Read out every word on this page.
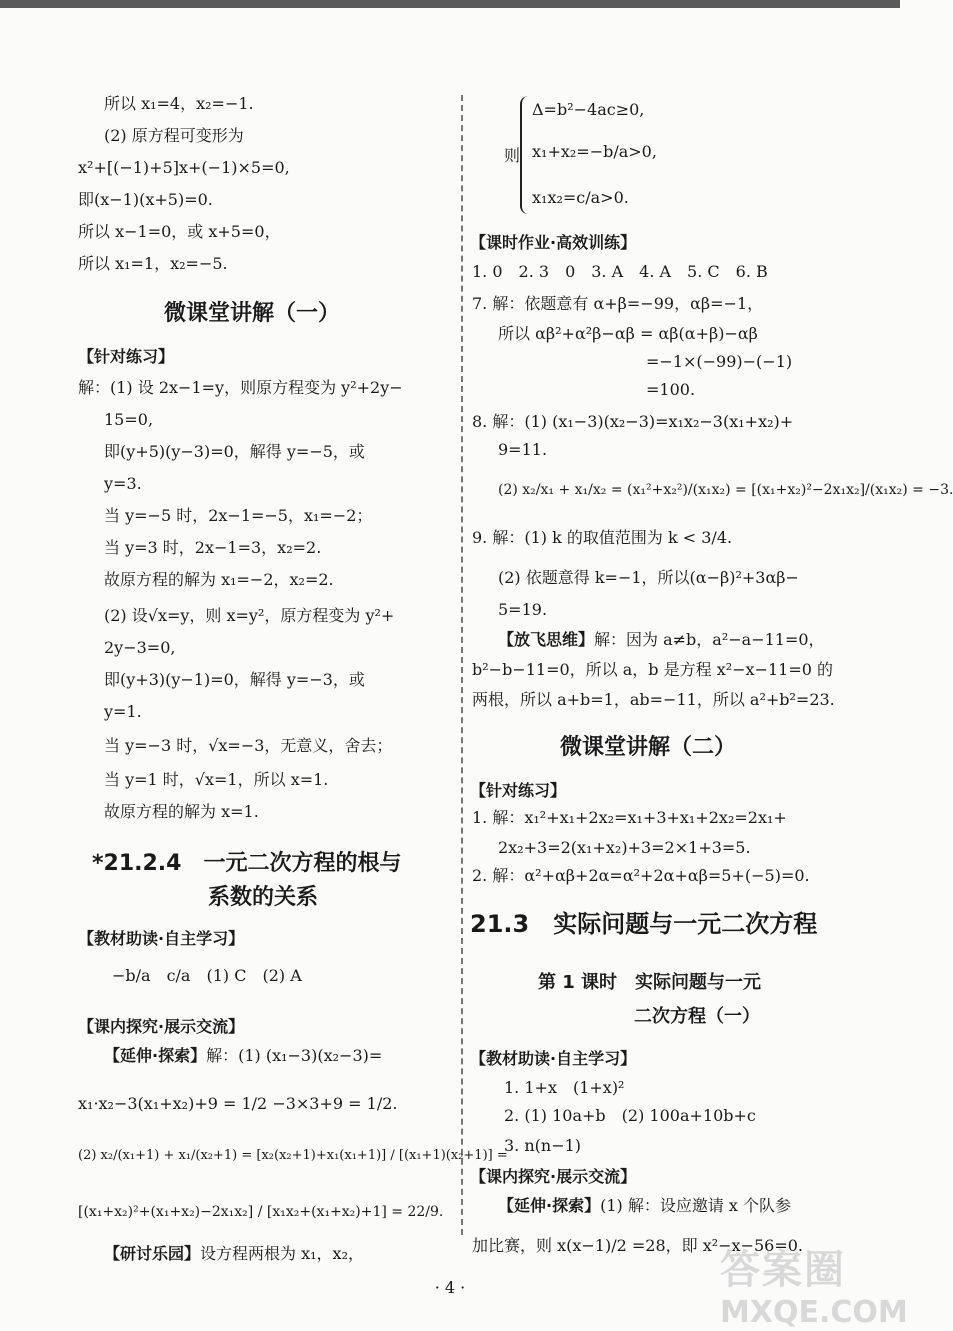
所以 x₁=4，x₂=−1.
(2) 原方程可变形为
x²+[(−1)+5]x+(−1)×5=0,
即(x−1)(x+5)=0.
所以 x−1=0，或 x+5=0，
所以 x₁=1，x₂=−5.
微课堂讲解（一）
【针对练习】
解：(1) 设 2x−1=y，则原方程变为 y²+2y−
15=0,
即(y+5)(y−3)=0，解得 y=−5，或
y=3.
当 y=−5 时，2x−1=−5，x₁=−2；
当 y=3 时，2x−1=3，x₂=2.
故原方程的解为 x₁=−2，x₂=2.
(2) 设√x=y，则 x=y²，原方程变为 y²+
2y−3=0,
即(y+3)(y−1)=0，解得 y=−3，或
y=1.
当 y=−3 时，√x=−3，无意义，舍去；
当 y=1 时，√x=1，所以 x=1.
故原方程的解为 x=1.
*21.2.4　一元二次方程的根与
系数的关系
【教材助读·自主学习】
−b/a　c/a　(1) C　(2) A
【课内探究·展示交流】
【延伸·探索】解：(1) (x₁−3)(x₂−3)=
x₁·x₂−3(x₁+x₂)+9 = 1/2 −3×3+9 = 1/2.
(2) x₂/(x₁+1) + x₁/(x₂+1) = [x₂(x₂+1)+x₁(x₁+1)] / [(x₁+1)(x₂+1)] =
[(x₁+x₂)²+(x₁+x₂)−2x₁x₂] / [x₁x₂+(x₁+x₂)+1] = 22/9.
【研讨乐园】设方程两根为 x₁，x₂，
则
Δ=b²−4ac≥0,
x₁+x₂=−b/a>0,
x₁x₂=c/a>0.
【课时作业·高效训练】
1. 0　2. 3　0　3. A　4. A　5. C　6. B
7. 解：依题意有 α+β=−99，αβ=−1，
所以 αβ²+α²β−αβ = αβ(α+β)−αβ
=−1×(−99)−(−1)
=100.
8. 解：(1) (x₁−3)(x₂−3)=x₁x₂−3(x₁+x₂)+
9=11.
(2) x₂/x₁ + x₁/x₂ = (x₁²+x₂²)/(x₁x₂) = [(x₁+x₂)²−2x₁x₂]/(x₁x₂) = −3.
9. 解：(1) k 的取值范围为 k < 3/4.
(2) 依题意得 k=−1，所以(α−β)²+3αβ−
5=19.
【放飞思维】解：因为 a≠b，a²−a−11=0，
b²−b−11=0，所以 a，b 是方程 x²−x−11=0 的
两根，所以 a+b=1，ab=−11，所以 a²+b²=23.
微课堂讲解（二）
【针对练习】
1. 解：x₁²+x₁+2x₂=x₁+3+x₁+2x₂=2x₁+
2x₂+3=2(x₁+x₂)+3=2×1+3=5.
2. 解：α²+αβ+2α=α²+2α+αβ=5+(−5)=0.
21.3　实际问题与一元二次方程
第 1 课时　实际问题与一元
二次方程（一）
【教材助读·自主学习】
1. 1+x　(1+x)²
2. (1) 10a+b　(2) 100a+10b+c
3. n(n−1)
【课内探究·展示交流】
【延伸·探索】(1) 解：设应邀请 x 个队参
加比赛，则 x(x−1)/2 =28，即 x²−x−56=0.
· 4 ·	答案圈
MXQE.COM
